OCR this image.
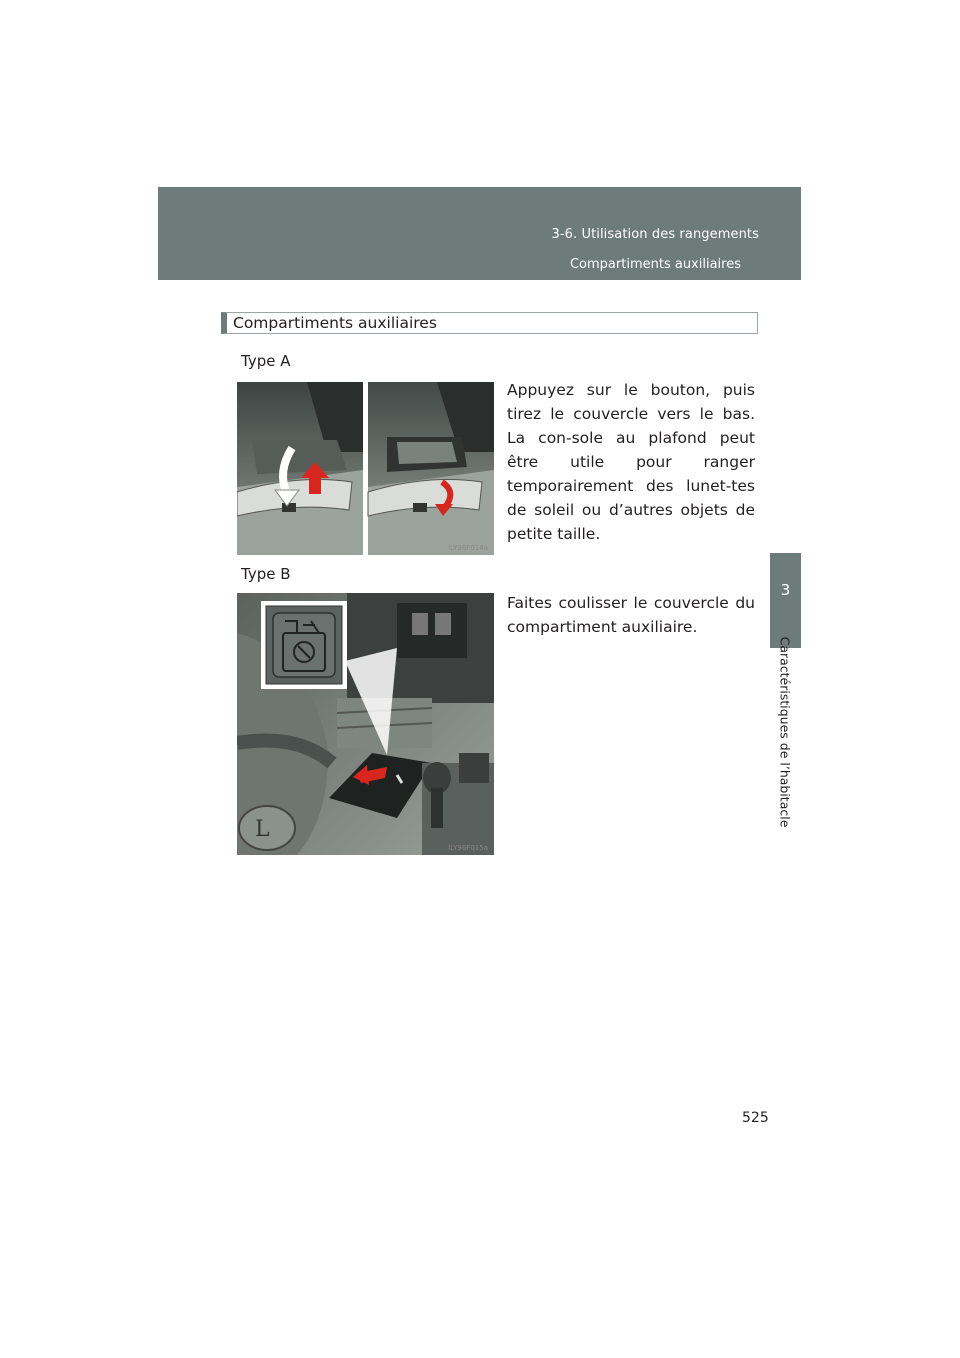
3-6. Utilisation des rangements
Compartiments auxiliaires
3
Caractéristiques de l’habitacle
Compartiments auxiliaires
Type A
ILY36F014a
Appuyez sur le bouton, puis tirez le couvercle vers le bas. La con-sole au plafond peut être utile pour ranger temporairement des lunet-tes de soleil ou d’autres objets de petite taille.
Type B
L
ILY36F015a
Faites coulisser le couvercle du compartiment auxiliaire.
525
